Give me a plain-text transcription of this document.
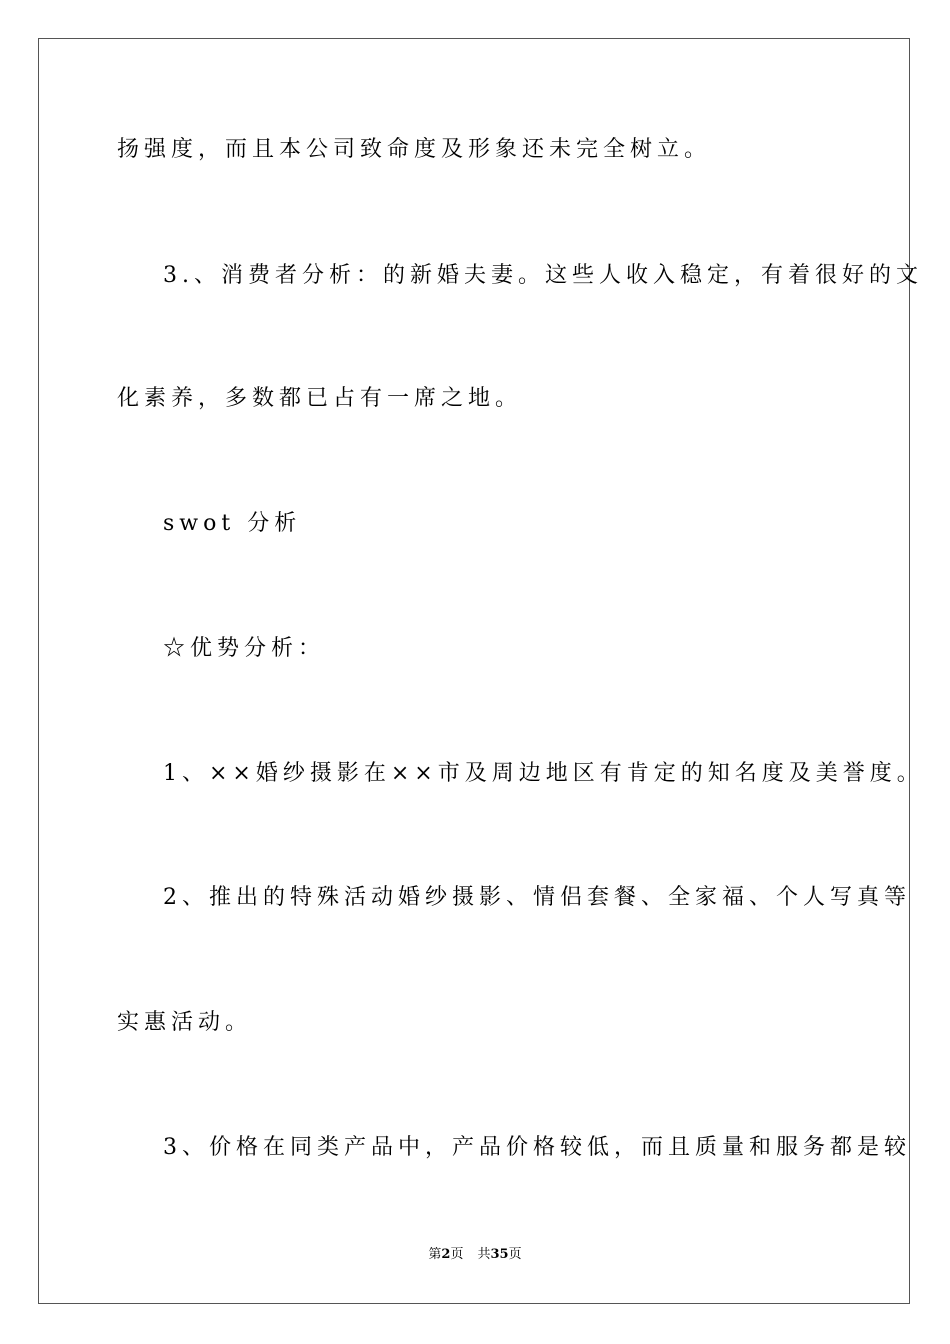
扬强度，而且本公司致命度及形象还未完全树立。
3.、消费者分析：的新婚夫妻。这些人收入稳定，有着很好的文
化素养，多数都已占有一席之地。
swot 分析
☆优势分析：
1、××婚纱摄影在××市及周边地区有肯定的知名度及美誉度。
2、推出的特殊活动婚纱摄影、情侣套餐、全家福、个人写真等
实惠活动。
3、价格在同类产品中，产品价格较低，而且质量和服务都是较
第2页 共35页
